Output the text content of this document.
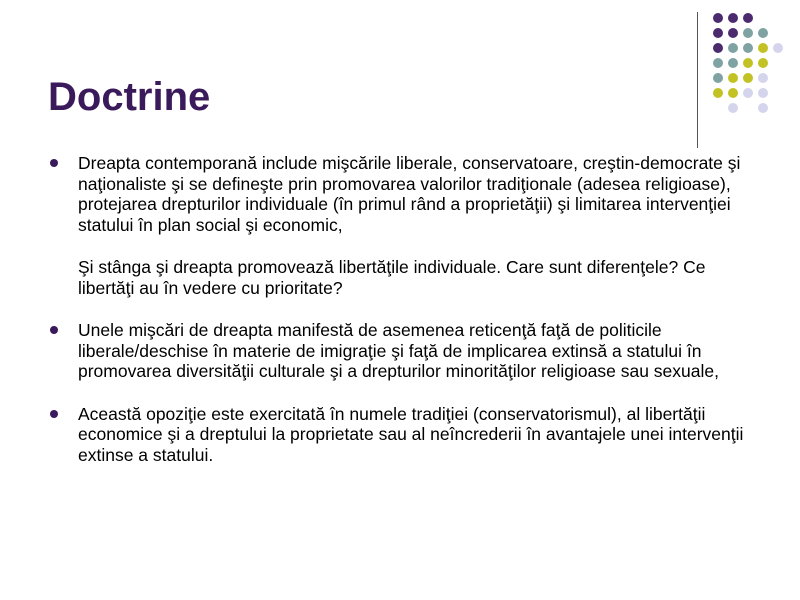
Doctrine

Dreapta contemporană include mişcările liberale, conservatoare, creştin-democrate şi naţionaliste şi se defineşte prin promovarea valorilor tradiţionale (adesea religioase), protejarea drepturilor individuale (în primul rând a proprietăţii) şi limitarea intervenţiei statului în plan social şi economic,

Şi stânga şi dreapta promovează libertăţile individuale. Care sunt diferenţele? Ce libertăţi au în vedere cu prioritate?

Unele mişcări de dreapta manifestă de asemenea reticenţă faţă de politicile liberale/deschise în materie de imigraţie şi faţă de implicarea extinsă a statului în promovarea diversităţii culturale şi a drepturilor minorităţilor religioase sau sexuale,

Această opoziţie este exercitată în numele tradiţiei (conservatorismul), al libertăţii economice şi a dreptului la proprietate sau al neîncrederii în avantajele unei intervenţii extinse a statului.
